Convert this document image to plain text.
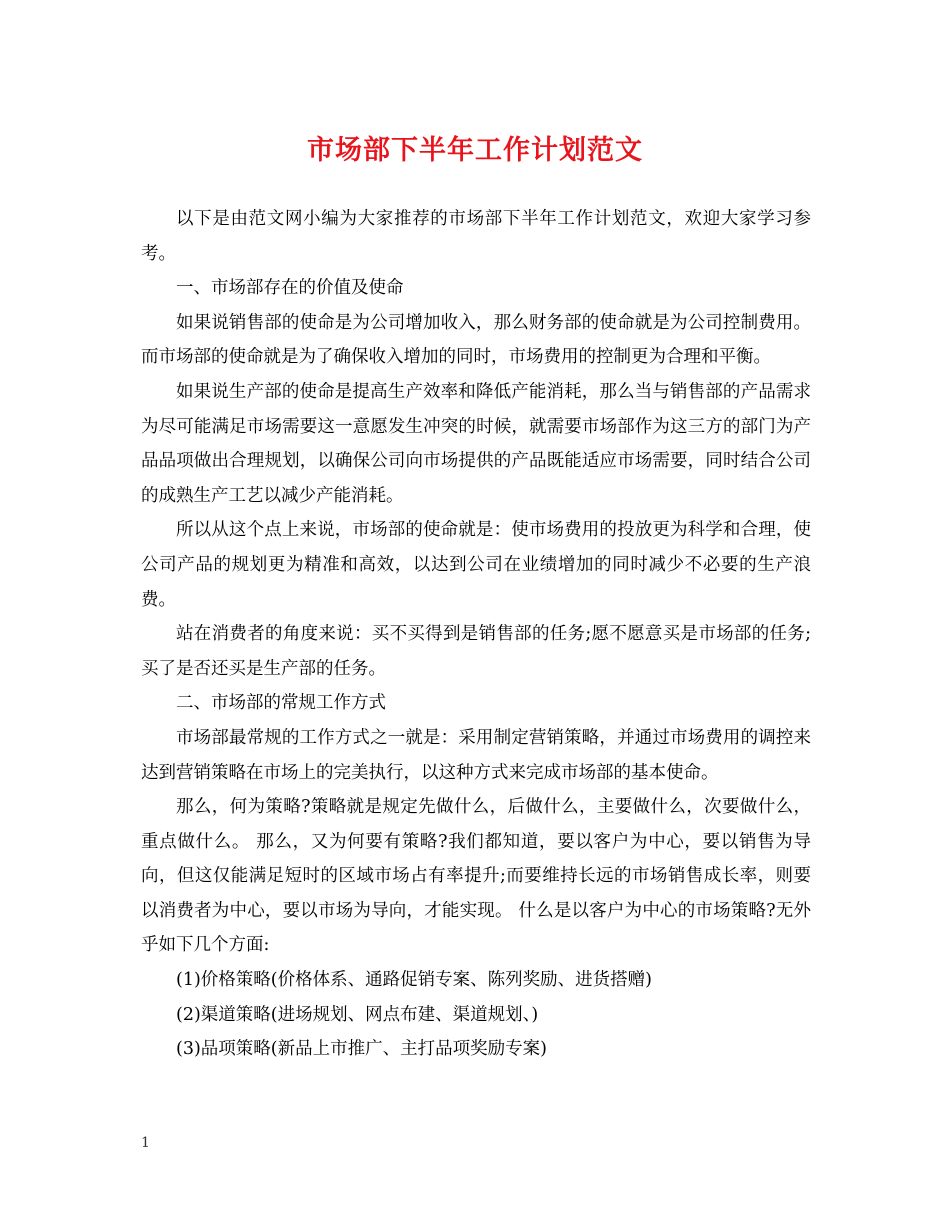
市场部下半年工作计划范文

以下是由范文网小编为大家推荐的市场部下半年工作计划范文，欢迎大家学习参考。

一、市场部存在的价值及使命

如果说销售部的使命是为公司增加收入，那么财务部的使命就是为公司控制费用。而市场部的使命就是为了确保收入增加的同时，市场费用的控制更为合理和平衡。

如果说生产部的使命是提高生产效率和降低产能消耗，那么当与销售部的产品需求为尽可能满足市场需要这一意愿发生冲突的时候，就需要市场部作为这三方的部门为产品品项做出合理规划，以确保公司向市场提供的产品既能适应市场需要，同时结合公司的成熟生产工艺以减少产能消耗。

所以从这个点上来说，市场部的使命就是：使市场费用的投放更为科学和合理，使公司产品的规划更为精准和高效，以达到公司在业绩增加的同时减少不必要的生产浪费。

站在消费者的角度来说：买不买得到是销售部的任务;愿不愿意买是市场部的任务;买了是否还买是生产部的任务。

二、市场部的常规工作方式

市场部最常规的工作方式之一就是：采用制定营销策略，并通过市场费用的调控来达到营销策略在市场上的完美执行，以这种方式来完成市场部的基本使命。

那么，何为策略?策略就是规定先做什么，后做什么，主要做什么，次要做什么，重点做什么。 那么，又为何要有策略?我们都知道，要以客户为中心，要以销售为导向，但这仅能满足短时的区域市场占有率提升;而要维持长远的市场销售成长率，则要以消费者为中心，要以市场为导向，才能实现。 什么是以客户为中心的市场策略?无外乎如下几个方面:

(1)价格策略(价格体系、通路促销专案、陈列奖励、进货搭赠)

(2)渠道策略(进场规划、网点布建、渠道规划、)

(3)品项策略(新品上市推广、主打品项奖励专案)

1
